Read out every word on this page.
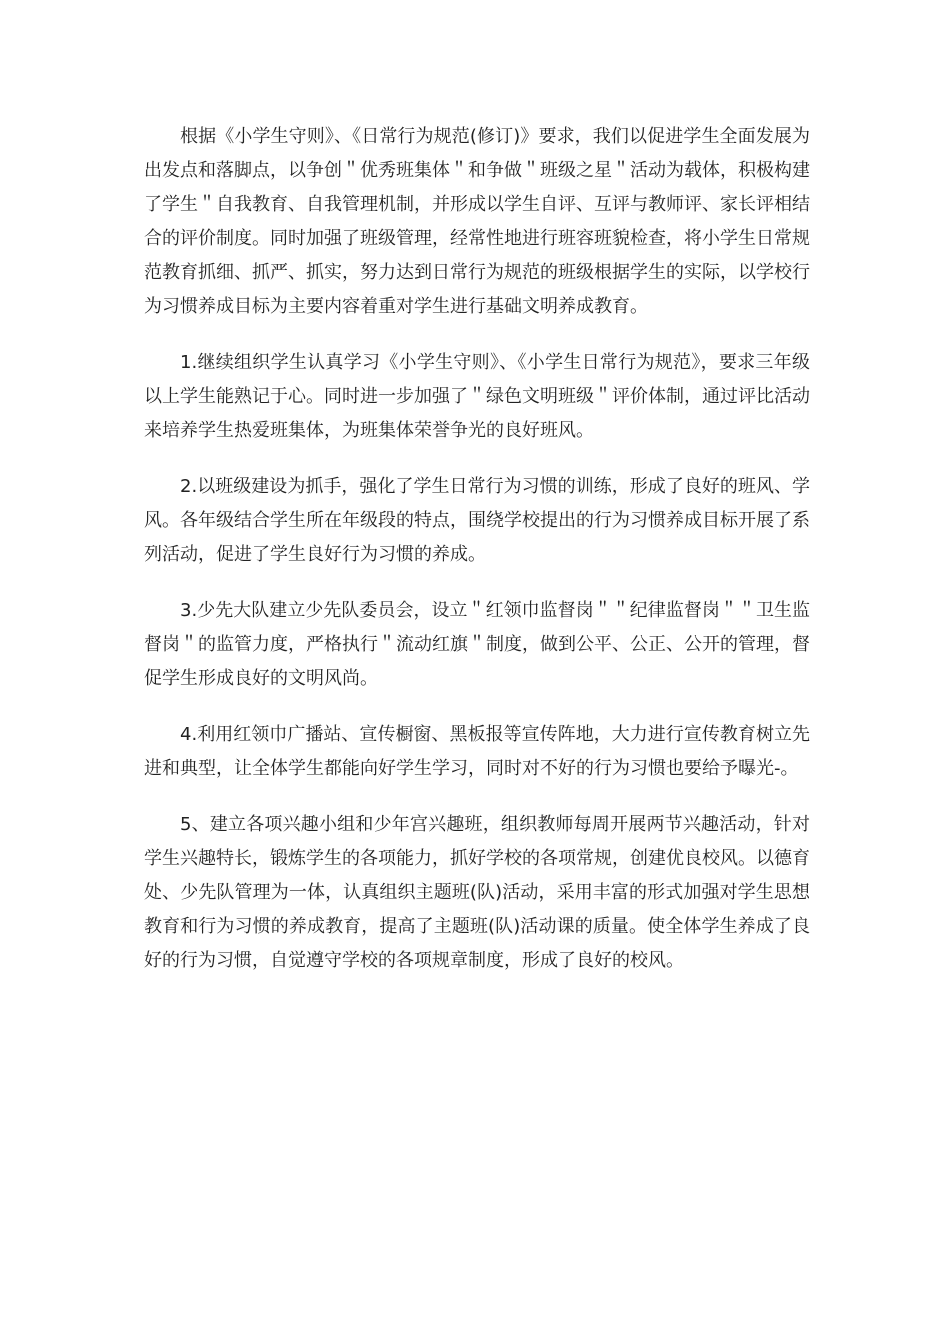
根据《小学生守则》、《日常行为规范(修订)》要求，我们以促进学生全面发展为出发点和落脚点，以争创＂优秀班集体＂和争做＂班级之星＂活动为载体，积极构建了学生＂自我教育、自我管理机制，并形成以学生自评、互评与教师评、家长评相结合的评价制度。同时加强了班级管理，经常性地进行班容班貌检查，将小学生日常规范教育抓细、抓严、抓实，努力达到日常行为规范的班级根据学生的实际，以学校行为习惯养成目标为主要内容着重对学生进行基础文明养成教育。

1.继续组织学生认真学习《小学生守则》、《小学生日常行为规范》，要求三年级以上学生能熟记于心。同时进一步加强了＂绿色文明班级＂评价体制，通过评比活动来培养学生热爱班集体，为班集体荣誉争光的良好班风。

2.以班级建设为抓手，强化了学生日常行为习惯的训练，形成了良好的班风、学风。各年级结合学生所在年级段的特点，围绕学校提出的行为习惯养成目标开展了系列活动，促进了学生良好行为习惯的养成。

3.少先大队建立少先队委员会，设立＂红领巾监督岗＂＂纪律监督岗＂＂卫生监督岗＂的监管力度，严格执行＂流动红旗＂制度，做到公平、公正、公开的管理，督促学生形成良好的文明风尚。

4.利用红领巾广播站、宣传橱窗、黑板报等宣传阵地，大力进行宣传教育树立先进和典型，让全体学生都能向好学生学习，同时对不好的行为习惯也要给予曝光-。

5、建立各项兴趣小组和少年宫兴趣班，组织教师每周开展两节兴趣活动，针对学生兴趣特长，锻炼学生的各项能力，抓好学校的各项常规，创建优良校风。以德育处、少先队管理为一体，认真组织主题班(队)活动，采用丰富的形式加强对学生思想教育和行为习惯的养成教育，提高了主题班(队)活动课的质量。使全体学生养成了良好的行为习惯，自觉遵守学校的各项规章制度，形成了良好的校风。
